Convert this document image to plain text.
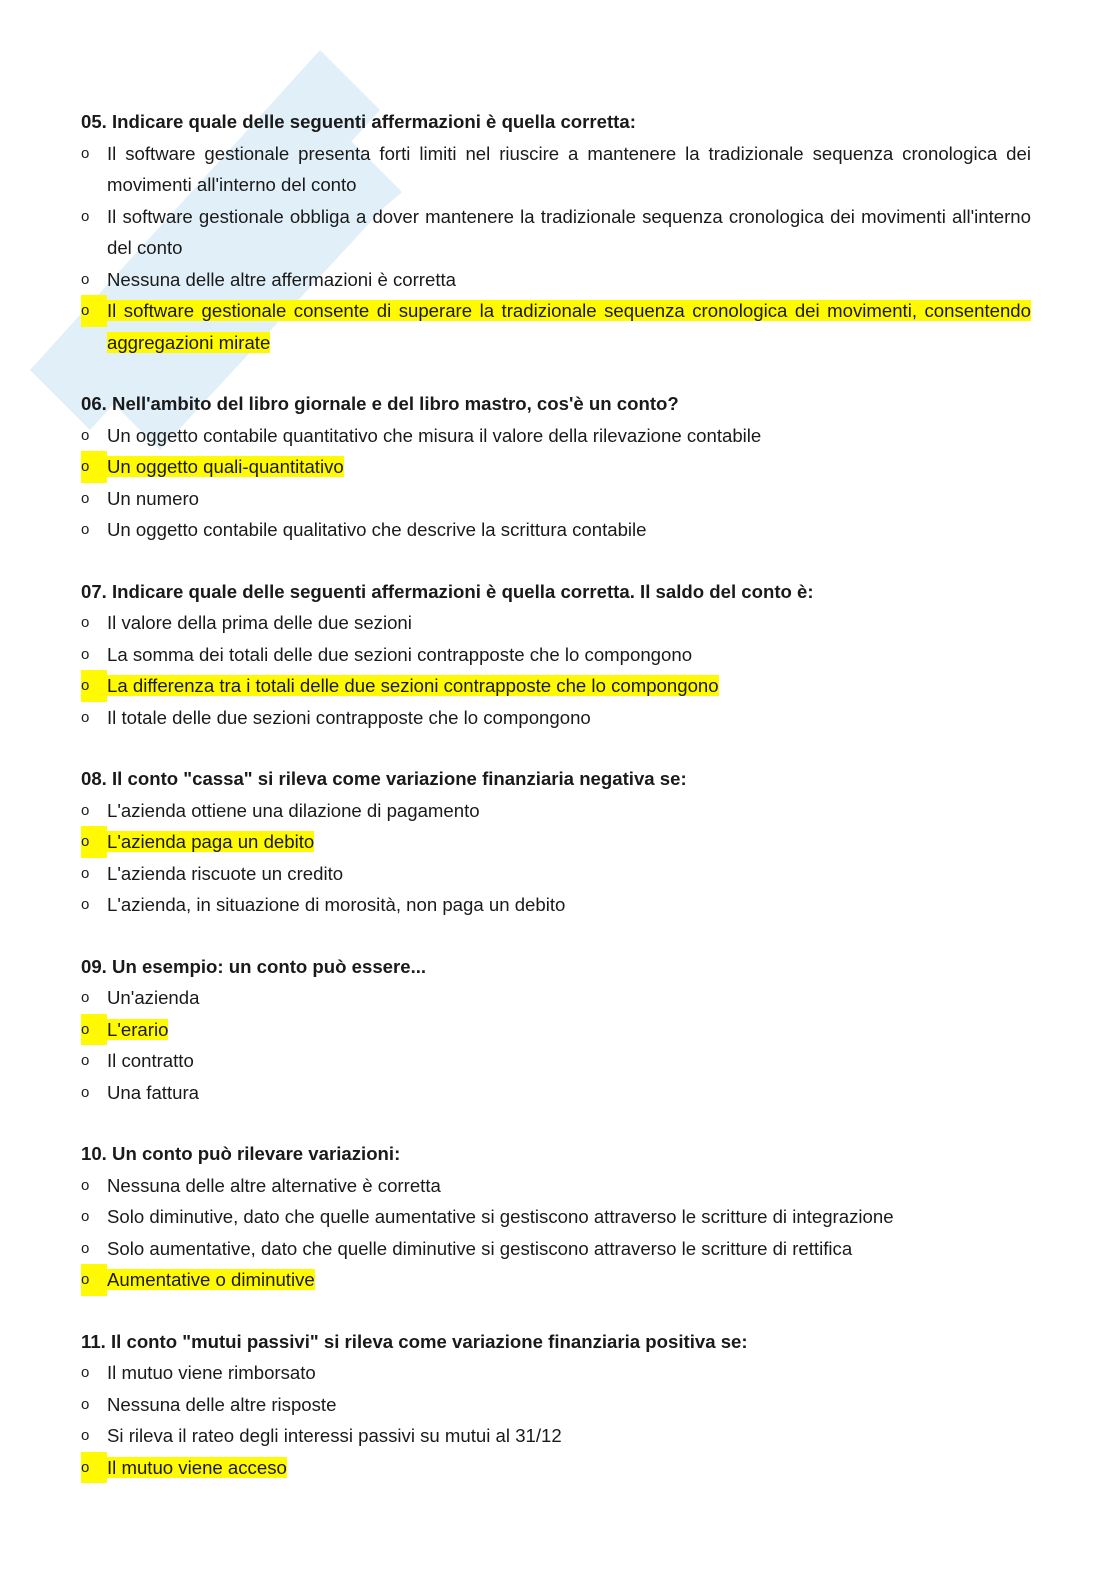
05. Indicare quale delle seguenti affermazioni è quella corretta:

o Il software gestionale presenta forti limiti nel riuscire a mantenere la tradizionale sequenza cronologica dei movimenti all'interno del conto
o Il software gestionale obbliga a dover mantenere la tradizionale sequenza cronologica dei movimenti all'interno del conto
o Nessuna delle altre affermazioni è corretta
o Il software gestionale consente di superare la tradizionale sequenza cronologica dei movimenti, consentendo aggregazioni mirate

06. Nell'ambito del libro giornale e del libro mastro, cos'è un conto?

o Un oggetto contabile quantitativo che misura il valore della rilevazione contabile
o Un oggetto quali-quantitativo
o Un numero
o Un oggetto contabile qualitativo che descrive la scrittura contabile

07. Indicare quale delle seguenti affermazioni è quella corretta. Il saldo del conto è:

o Il valore della prima delle due sezioni
o La somma dei totali delle due sezioni contrapposte che lo compongono
o La differenza tra i totali delle due sezioni contrapposte che lo compongono
o Il totale delle due sezioni contrapposte che lo compongono

08. Il conto "cassa" si rileva come variazione finanziaria negativa se:

o L'azienda ottiene una dilazione di pagamento
o L'azienda paga un debito
o L'azienda riscuote un credito
o L'azienda, in situazione di morosità, non paga un debito

09. Un esempio: un conto può essere...

o Un'azienda
o L'erario
o Il contratto
o Una fattura

10. Un conto può rilevare variazioni:

o Nessuna delle altre alternative è corretta
o Solo diminutive, dato che quelle aumentative si gestiscono attraverso le scritture di integrazione
o Solo aumentative, dato che quelle diminutive si gestiscono attraverso le scritture di rettifica
o Aumentative o diminutive

11. Il conto "mutui passivi" si rileva come variazione finanziaria positiva se:

o Il mutuo viene rimborsato
o Nessuna delle altre risposte
o Si rileva il rateo degli interessi passivi su mutui al 31/12
o Il mutuo viene acceso
